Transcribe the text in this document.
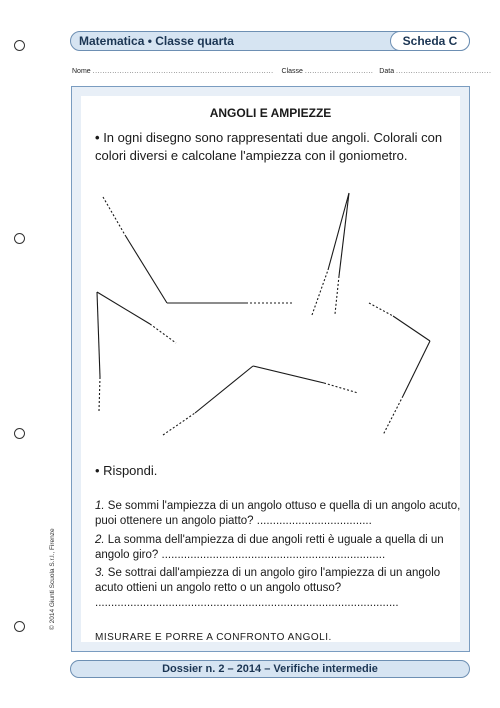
Matematica • Classe quarta	Scheda C
Nome .......................................................................... Classe ............................ Data .......................................
ANGOLI E AMPIEZZE
• In ogni disegno sono rappresentati due angoli. Colorali con colori diversi e calcolane l'ampiezza con il goniometro.
• Rispondi.
1. Se sommi l'ampiezza di un angolo ottuso e quella di un angolo acuto, puoi ottenere un angolo piatto? ....................................
2. La somma dell'ampiezza di due angoli retti è uguale a quella di un angolo giro? ......................................................................
3. Se sottrai dall'ampiezza di un angolo giro l'ampiezza di un angolo acuto ottieni un angolo retto o un angolo ottuso? ...............................................................................................
MISURARE E PORRE A CONFRONTO ANGOLI.
© 2014 Giunti Scuola S.r.l., Firenze
Dossier n. 2 – 2014 – Verifiche intermedie
